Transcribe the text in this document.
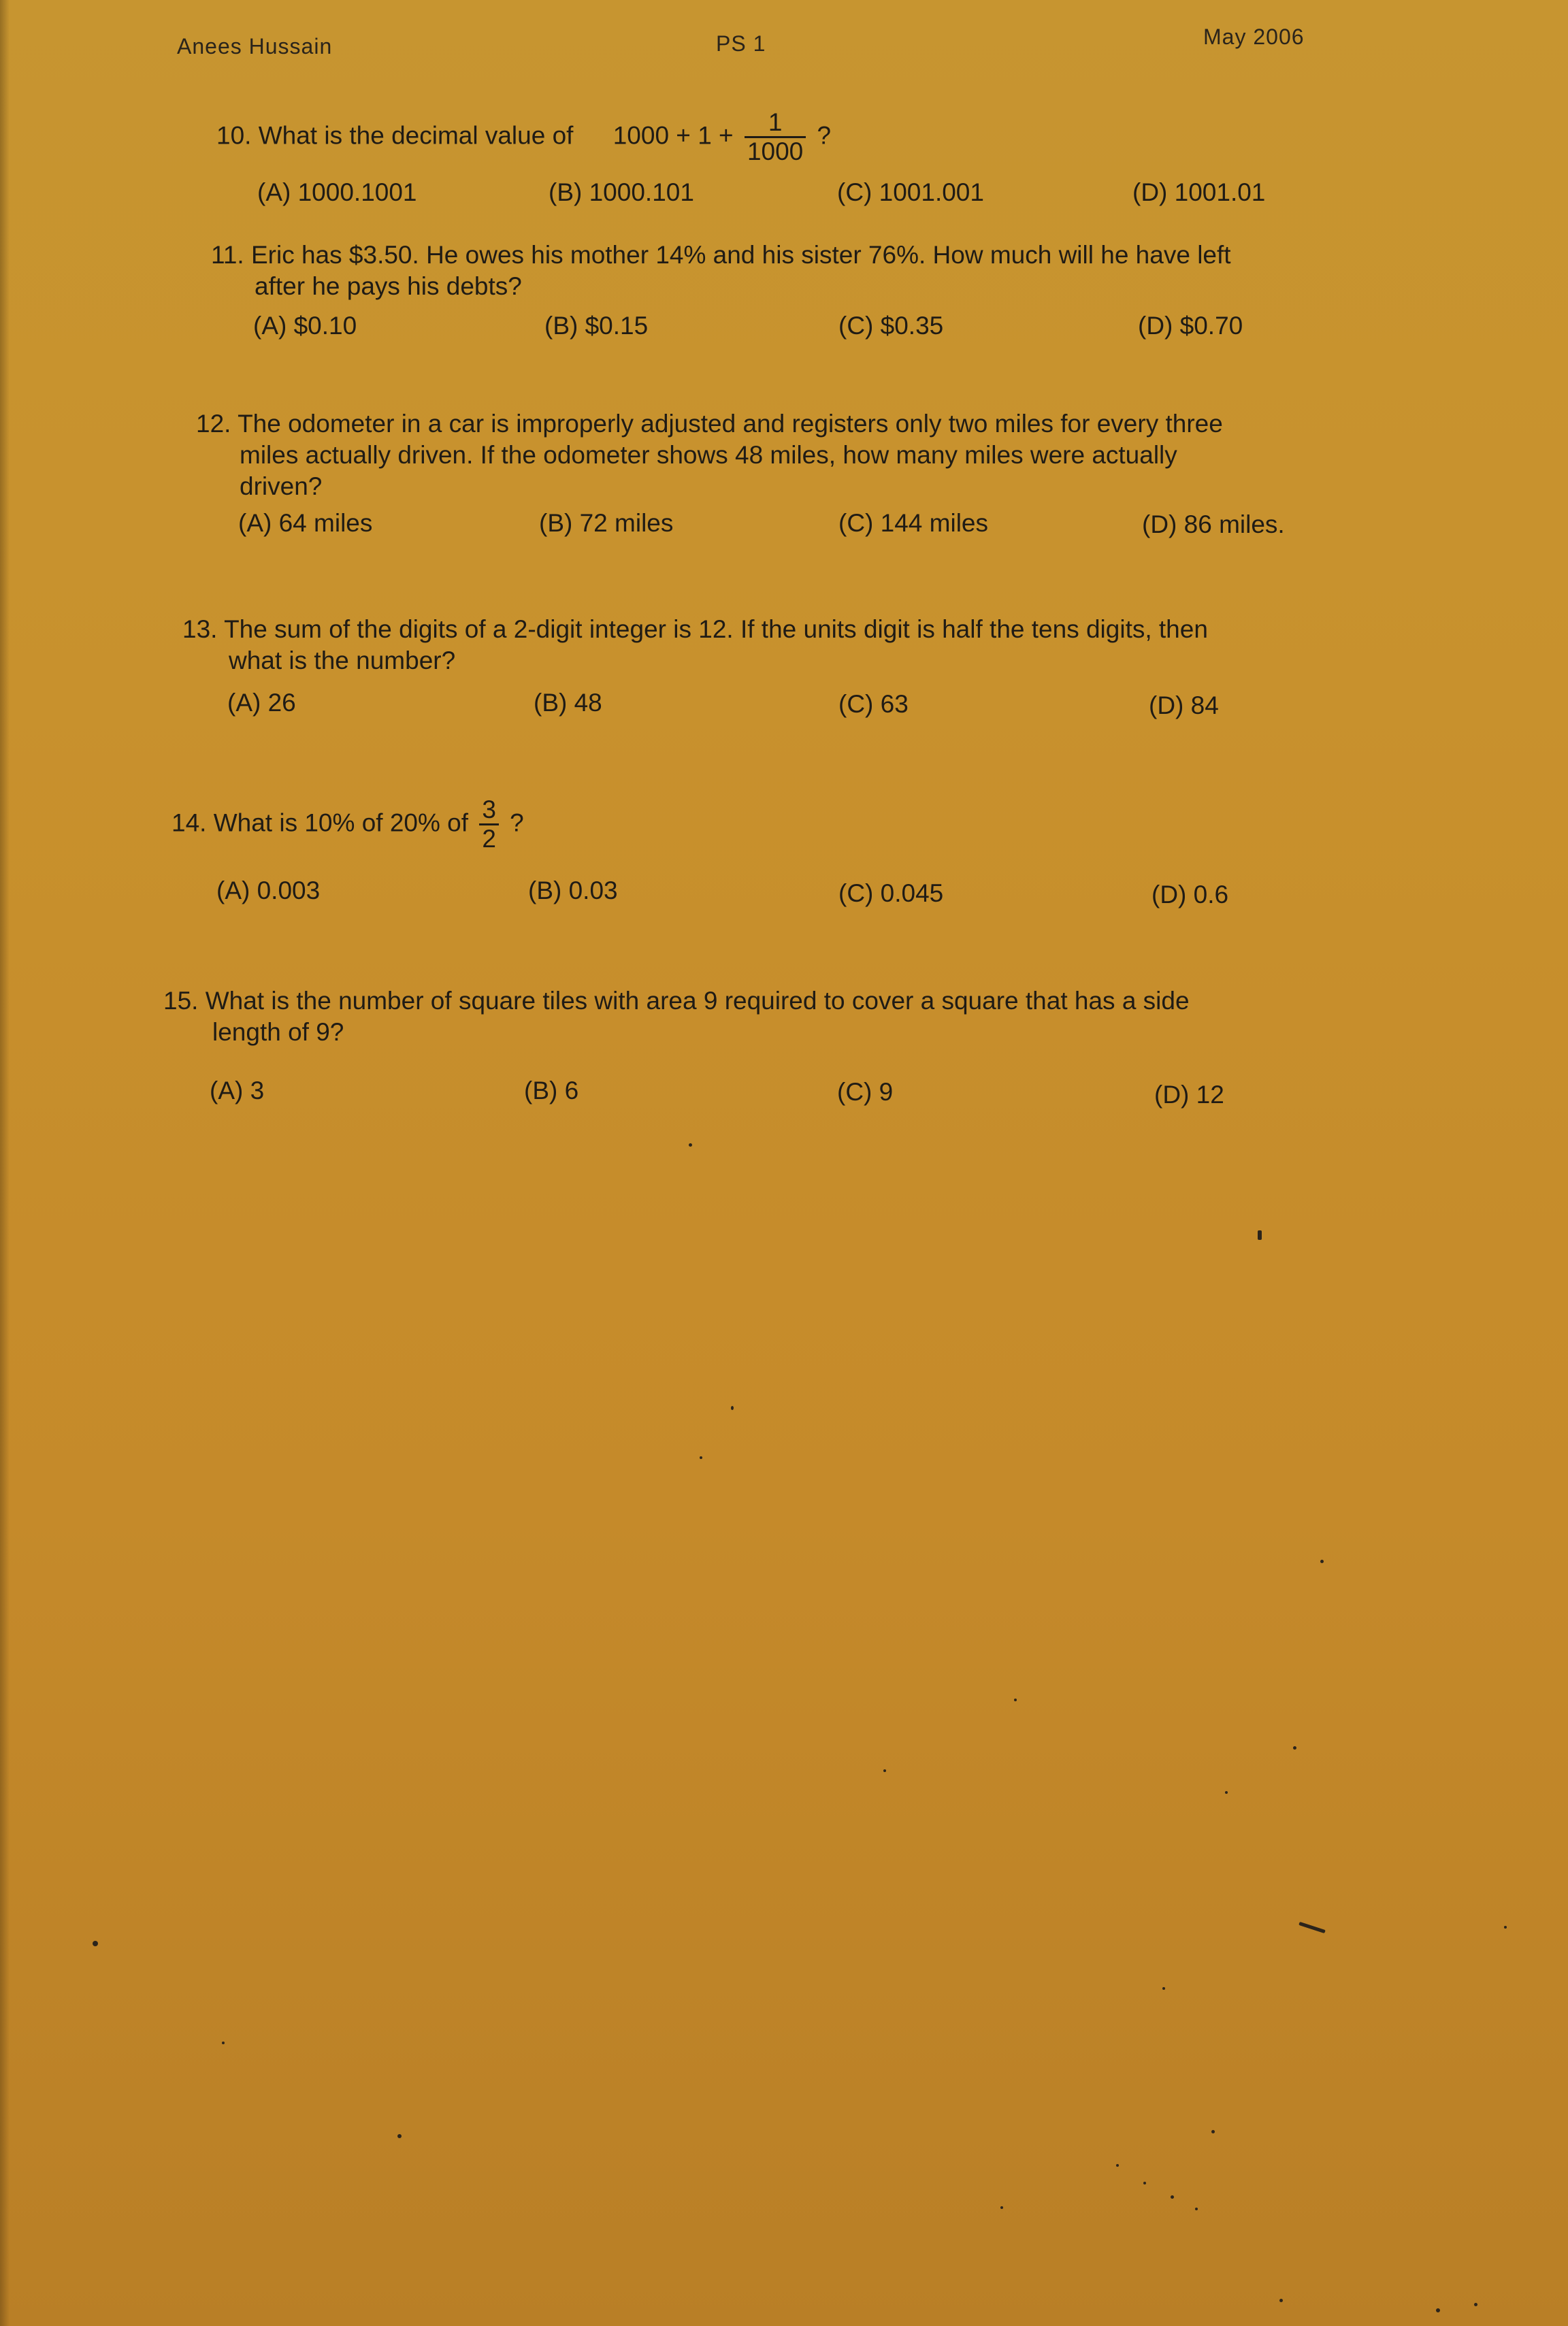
Anees Hussain	PS 1	May 2006
10. What is the decimal value of $1000 + 1 + \frac{1}{1000}$ ?
(A) 1000.1001	(B) 1000.101	(C) 1001.001	(D) 1001.01
11. Eric has $3.50. He owes his mother 14% and his sister 76%. How much will he have left
after he pays his debts?
(A) $0.10	(B) $0.15	(C) $0.35	(D) $0.70
12. The odometer in a car is improperly adjusted and registers only two miles for every three
miles actually driven. If the odometer shows 48 miles, how many miles were actually
driven?
(A) 64 miles	(B) 72 miles	(C) 144 miles	(D) 86 miles.
13. The sum of the digits of a 2-digit integer is 12. If the units digit is half the tens digits, then
what is the number?
(A) 26	(B) 48	(C) 63	(D) 84
14. What is 10% of 20% of $\frac{3}{2}$ ?
(A) 0.003	(B) 0.03	(C) 0.045	(D) 0.6
15. What is the number of square tiles with area 9 required to cover a square that has a side
length of 9?
(A) 3	(B) 6	(C) 9	(D) 12
